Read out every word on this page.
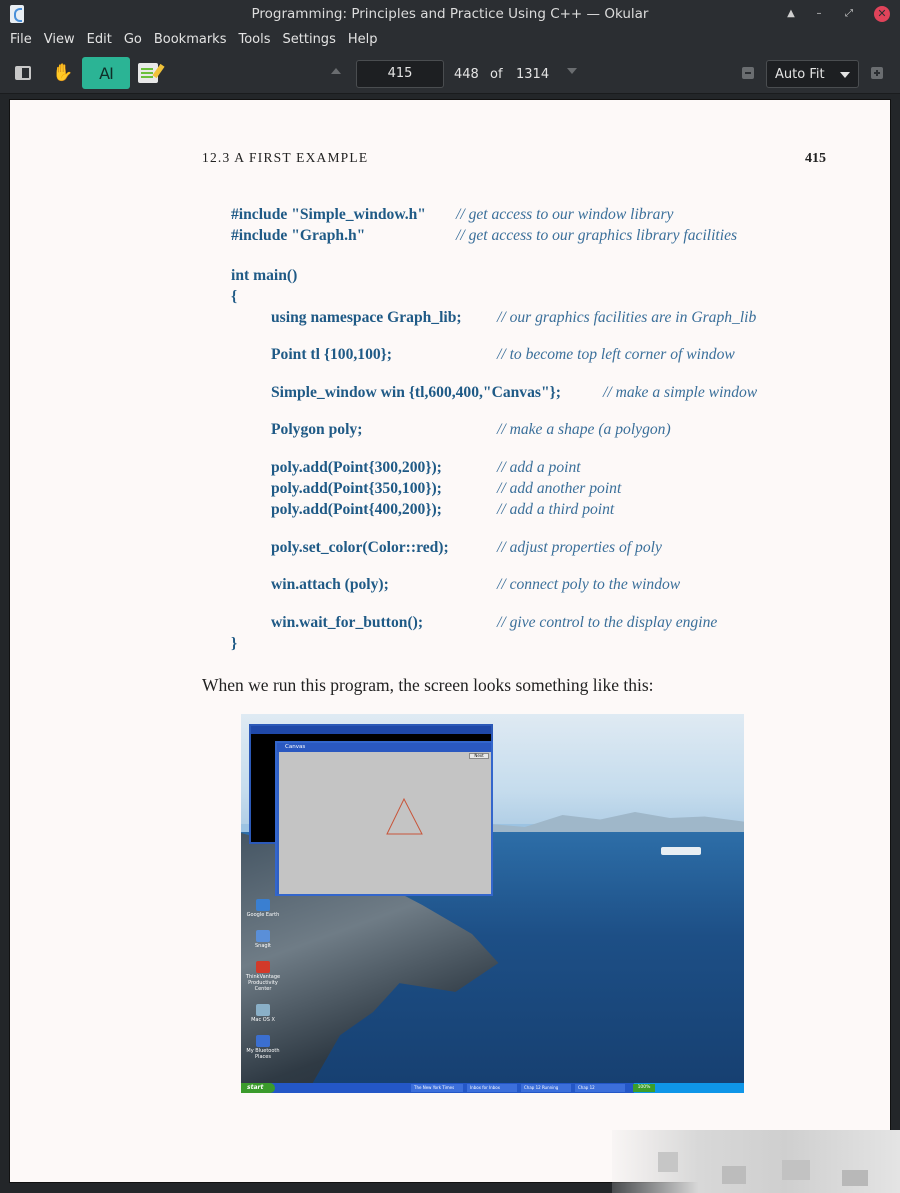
Programming: Principles and Practice Using C++ — Okular	▲	–	⤢	✕
File View Edit Go Bookmarks Tools Settings Help
✋ AI	415	448 of 1314	Auto Fit
12.3 A FIRST EXAMPLE	415
#include "Simple_window.h" // get access to our window library
#include "Graph.h"	// get access to our graphics library facilities
int main()
{
using namespace Graph_lib; // our graphics facilities are in Graph_lib
Point tl {100,100};	// to become top left corner of window
Simple_window win {tl,600,400,"Canvas"};	// make a simple window
Polygon poly;	// make a shape (a polygon)
poly.add(Point{300,200});	// add a point
poly.add(Point{350,100});	// add another point
poly.add(Point{400,200});	// add a third point
poly.set_color(Color::red);	// adjust properties of poly
win.attach (poly);	// connect poly to the window
win.wait_for_button();	// give control to the display engine
}
When we run this program, the screen looks something like this:
Google Earth
SnagIt
ThinkVantage Productivity Center
Mac OS X
My Bluetooth Places
Canvas
Next
start	The New York Times	Inbox for Inbox	Chap 12 Running	Chap 12	100%
